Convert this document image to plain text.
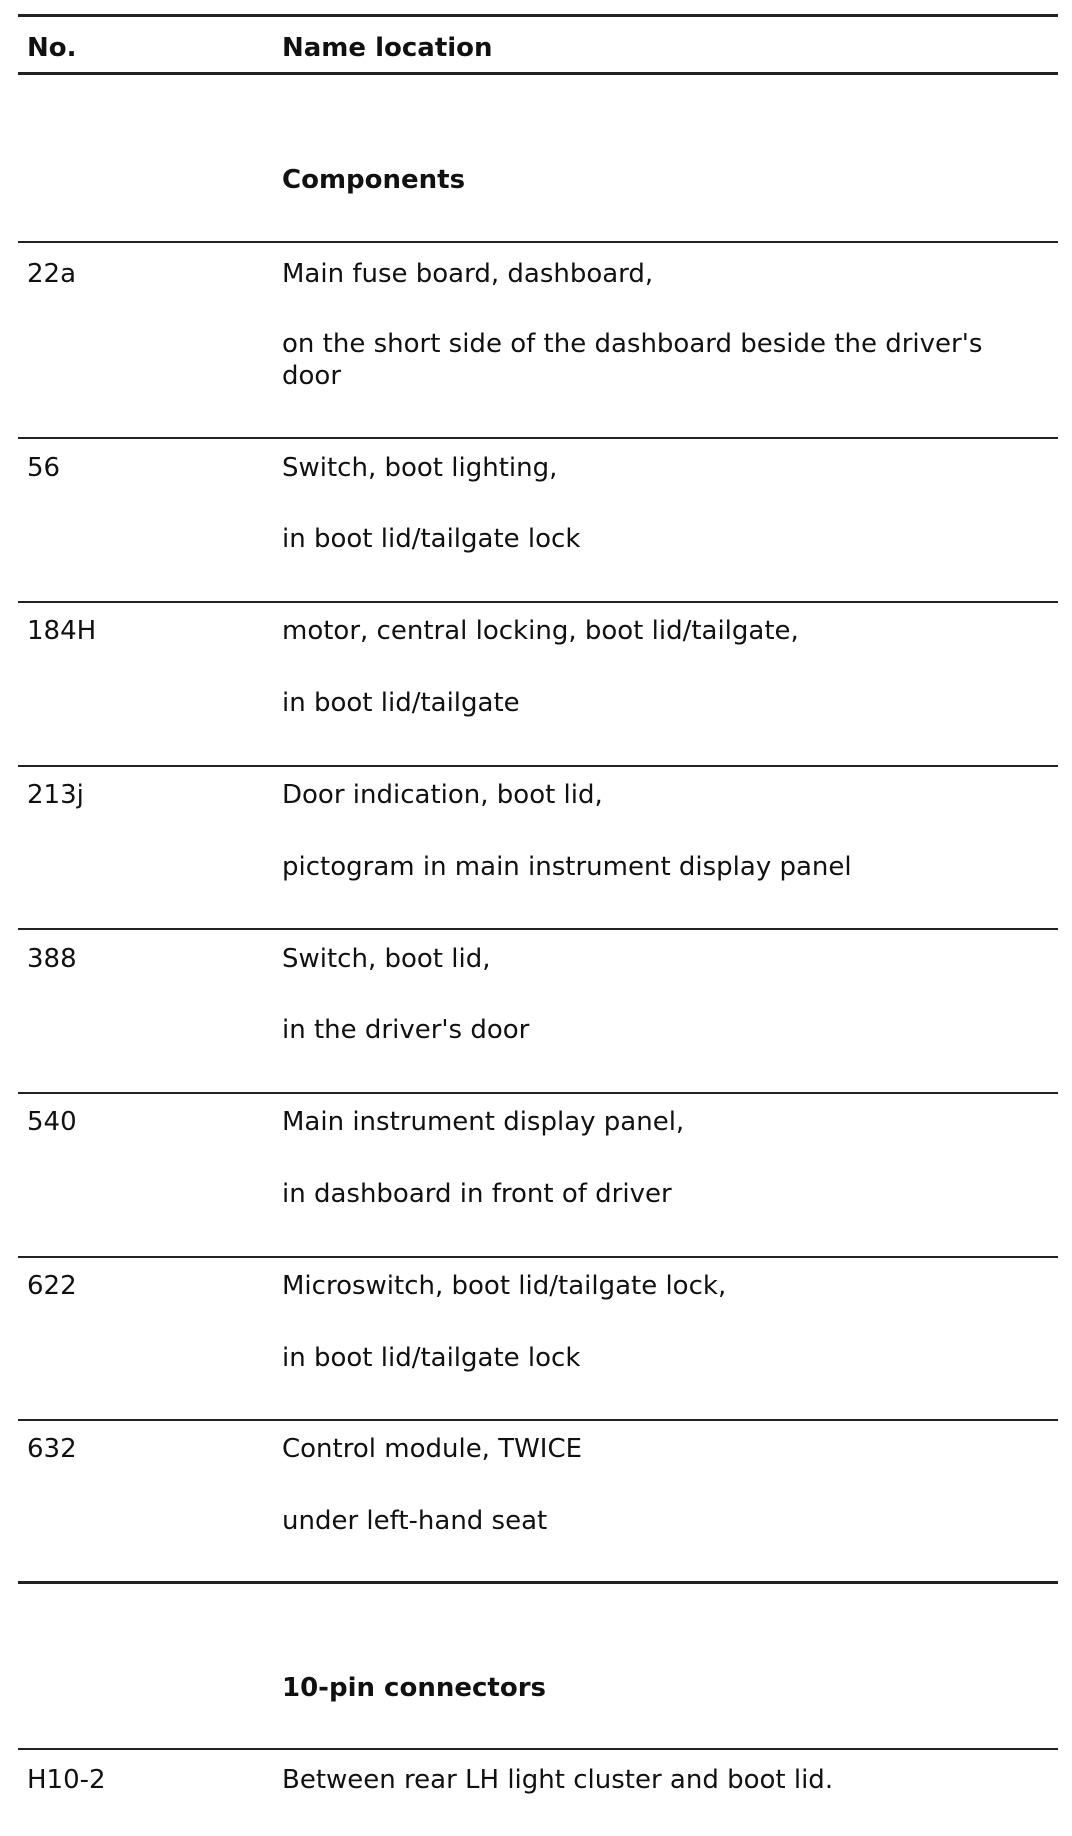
No.	Name location
Components
22a	Main fuse board, dashboard,
on the short side of the dashboard beside the driver's door
56	Switch, boot lighting,
in boot lid/tailgate lock
184H	motor, central locking, boot lid/tailgate,
in boot lid/tailgate
213j	Door indication, boot lid,
pictogram in main instrument display panel
388	Switch, boot lid,
in the driver's door
540	Main instrument display panel,
in dashboard in front of driver
622	Microswitch, boot lid/tailgate lock,
in boot lid/tailgate lock
632	Control module, TWICE
under left-hand seat
10-pin connectors
H10-2	Between rear LH light cluster and boot lid.
